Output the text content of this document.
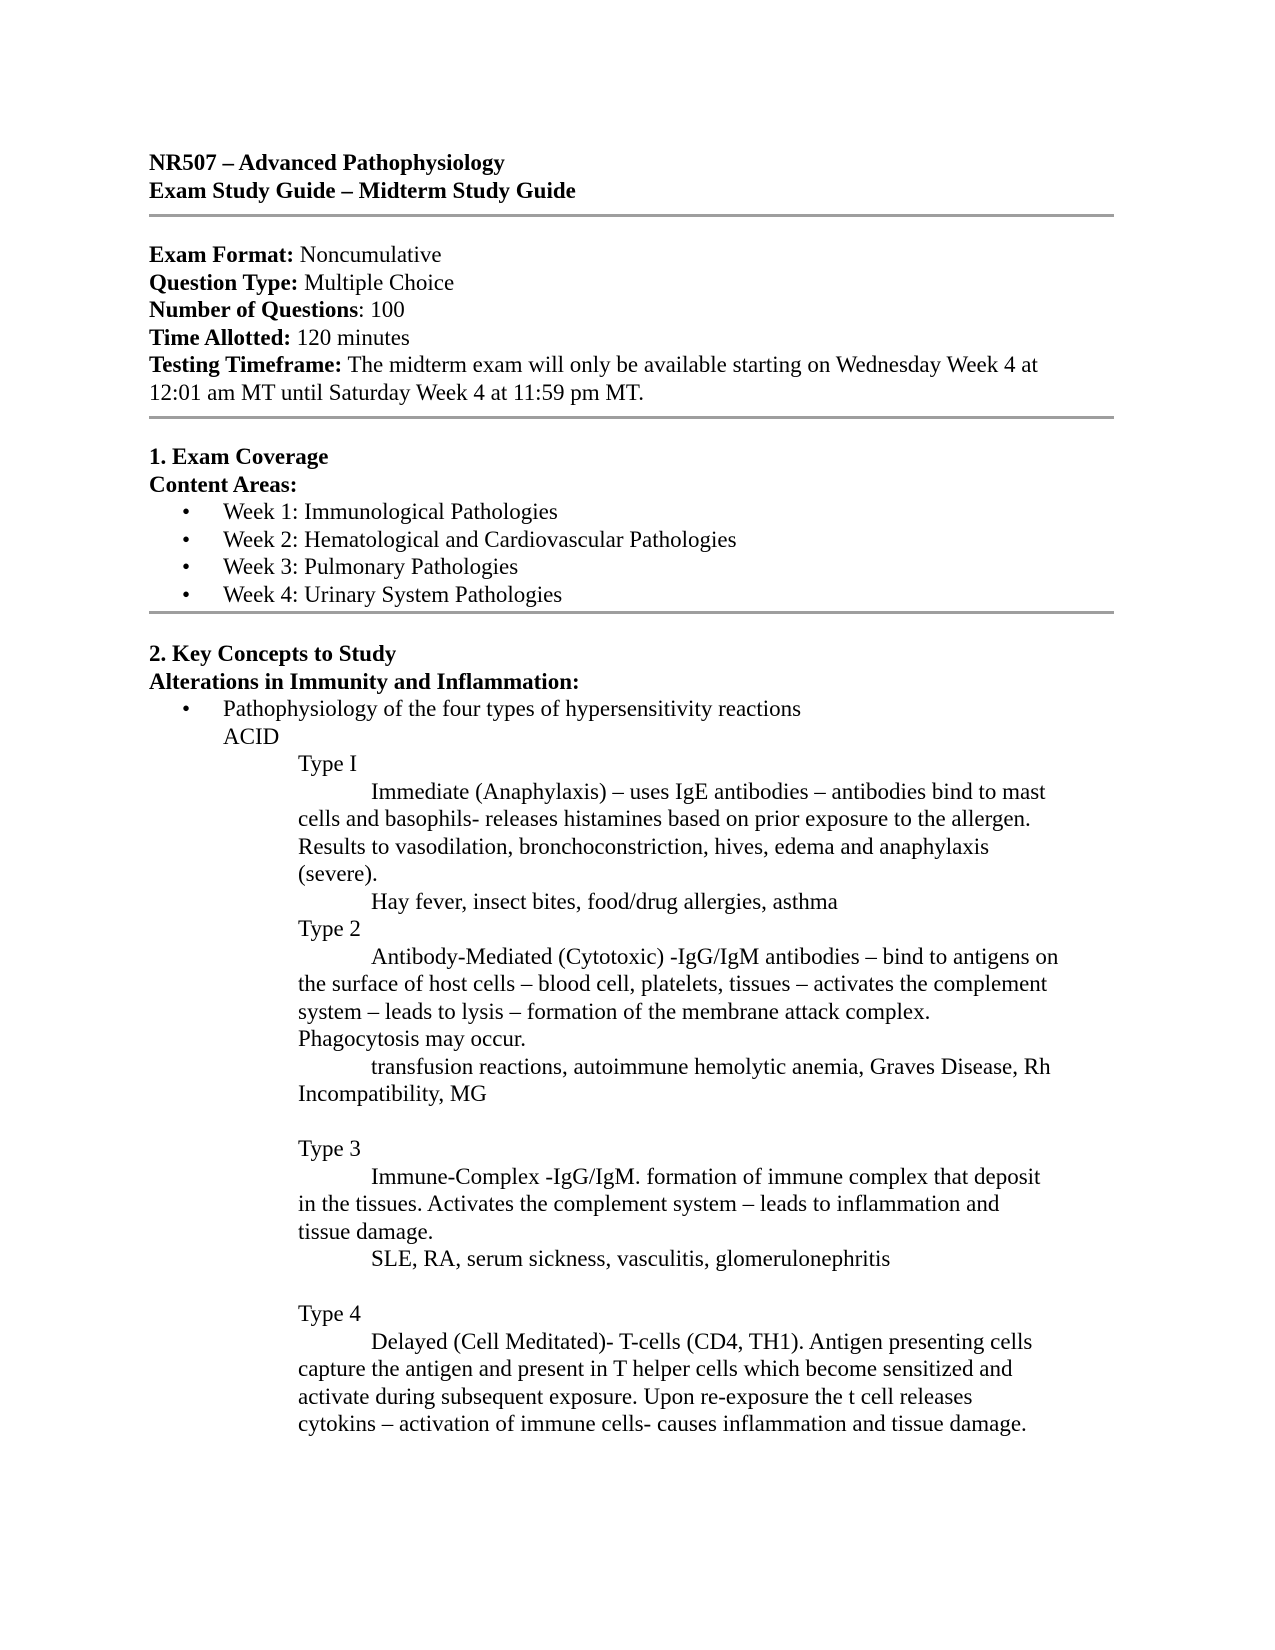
NR507 – Advanced Pathophysiology
Exam Study Guide – Midterm Study Guide
Exam Format: Noncumulative
Question Type: Multiple Choice
Number of Questions: 100
Time Allotted: 120 minutes
Testing Timeframe: The midterm exam will only be available starting on Wednesday Week 4 at
12:01 am MT until Saturday Week 4 at 11:59 pm MT.
1. Exam Coverage
Content Areas:
• Week 1: Immunological Pathologies
• Week 2: Hematological and Cardiovascular Pathologies
• Week 3: Pulmonary Pathologies
• Week 4: Urinary System Pathologies
2. Key Concepts to Study
Alterations in Immunity and Inflammation:
• Pathophysiology of the four types of hypersensitivity reactions
ACID
Type I
Immediate (Anaphylaxis) – uses IgE antibodies – antibodies bind to mast
cells and basophils- releases histamines based on prior exposure to the allergen.
Results to vasodilation, bronchoconstriction, hives, edema and anaphylaxis
(severe).
Hay fever, insect bites, food/drug allergies, asthma
Type 2
Antibody-Mediated (Cytotoxic) -IgG/IgM antibodies – bind to antigens on
the surface of host cells – blood cell, platelets, tissues – activates the complement
system – leads to lysis – formation of the membrane attack complex.
Phagocytosis may occur.
transfusion reactions, autoimmune hemolytic anemia, Graves Disease, Rh
Incompatibility, MG
Type 3
Immune-Complex -IgG/IgM. formation of immune complex that deposit
in the tissues. Activates the complement system – leads to inflammation and
tissue damage.
SLE, RA, serum sickness, vasculitis, glomerulonephritis
Type 4
Delayed (Cell Meditated)- T-cells (CD4, TH1). Antigen presenting cells
capture the antigen and present in T helper cells which become sensitized and
activate during subsequent exposure. Upon re-exposure the t cell releases
cytokins – activation of immune cells- causes inflammation and tissue damage.
